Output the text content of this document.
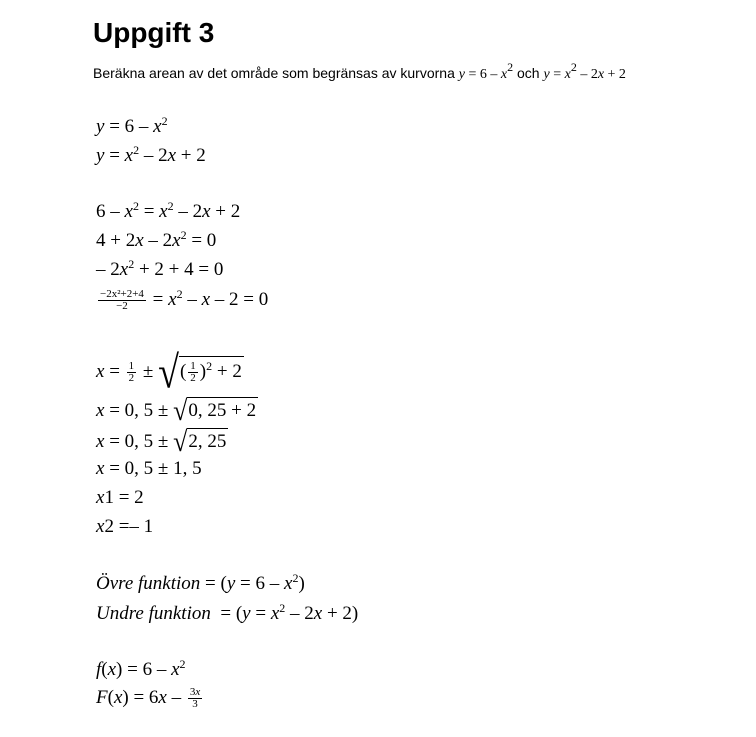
Uppgift 3
Beräkna arean av det område som begränsas av kurvorna $y = 6 - x^2$ och $y = x^2 - 2x + 2$
$y = 6 - x^2$
$y = x^2 - 2x + 2$
$6 - x^2 = x^2 - 2x + 2$
$4 + 2x - 2x^2 = 0$
– $2x^2 + 2 + 4 = 0$
$\frac{\text{−2x²+2+4}}{-2} = x^2 - x - 2 = 0$
$x = \frac{1}{2}$ ± √( $\frac{1}{2} )^2 + 2$
x = 0, 5 ± √0, 25 + 2
x = 0, 5 ± √2, 25
x = 0, 5 ± 1, 5
x1 = 2
x2 =– 1
Övre funktion = $(y = 6 - x^2)$
Undre funktion  = $(y = x^2 - 2x + 2)$
$f(x) = 6 - x^2$
$F(x) = 6x - \frac{3x}{3}$
